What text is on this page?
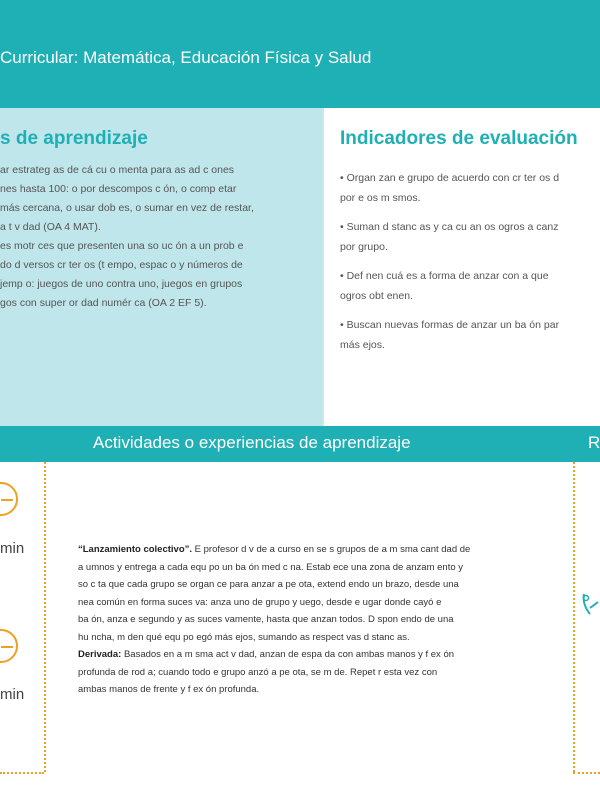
Curricular: Matemática, Educación Física y Salud
s de aprendizaje	Indicadores de evaluación

ar estrateg as de cá cu o menta para as ad c ones

nes hasta 100: o por descompos c ón, o comp etar

más cercana, o usar dob es, o sumar en vez de restar,

a t v dad (OA 4 MAT).

es motr ces que presenten una so uc ón a un prob e

do d versos cr ter os (t empo, espac o y números de

jemp o: juegos de uno contra uno, juegos en grupos

gos con super or dad numér ca (OA 2 EF 5).

• Organ zan e grupo de acuerdo con cr ter os d
por e os m smos.
• Suman d stanc as y ca cu an os ogros a canz
por grupo.
• Def nen cuá es a forma de anzar con a que
ogros obt enen.
• Buscan nuevas formas de anzar un ba ón par
más ejos.
Actividades o experiencias de aprendizaje	R
min
min

“Lanzamiento colectivo”. E profesor d v de a curso en se s grupos de a m sma cant dad de

a umnos y entrega a cada equ po un ba ón med c na. Estab ece una zona de anzam ento y

so c ta que cada grupo se organ ce para anzar a pe ota, extend endo un brazo, desde una

nea común en forma suces va: anza uno de grupo y uego, desde e ugar donde cayó e

ba ón, anza e segundo y as suces vamente, hasta que anzan todos. D spon endo de una

hu ncha, m den qué equ po egó más ejos, sumando as respect vas d stanc as.

Derivada: Basados en a m sma act v dad, anzan de espa da con ambas manos y f ex ón

profunda de rod a; cuando todo e grupo anzó a pe ota, se m de. Repet r esta vez con

ambas manos de frente y f ex ón profunda.
